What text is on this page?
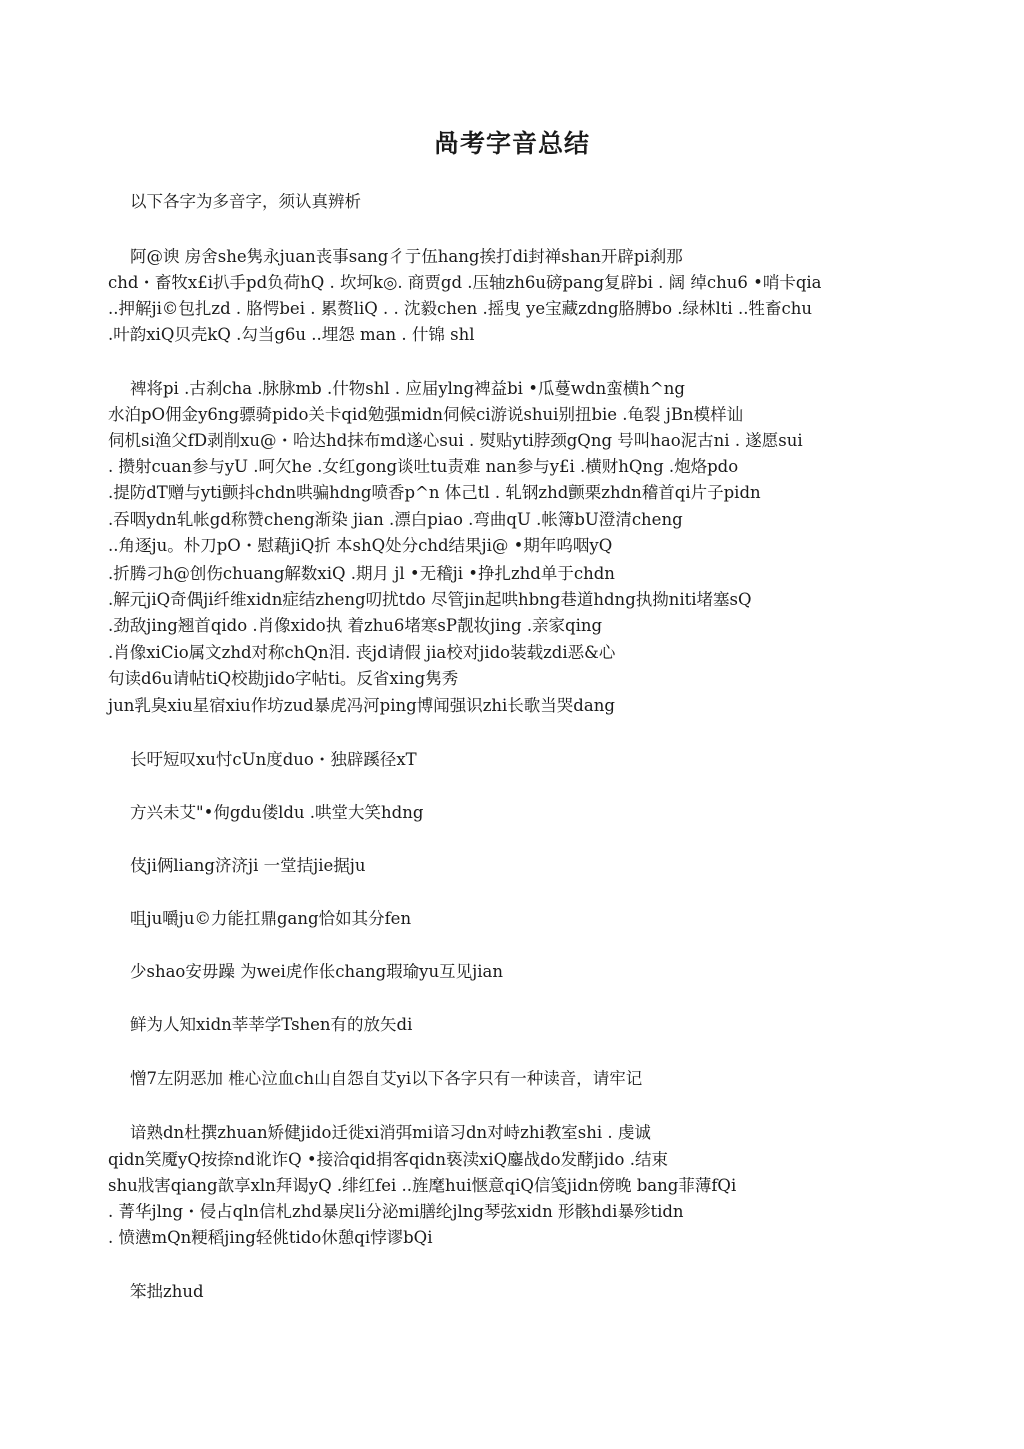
咼考字音总结
以下各字为多音字，须认真辨析
阿@谀 房舍she隽永juan丧事sang彳亍伍hang挨打di封禅shan开辟pi刹那
chd・畜牧x£i扒手pd负荷hQ . 坎坷k◎. 商贾gd .压轴zh6u磅pang复辟bi . 阔 绰chu6 •哨卡qia
..押解ji©包扎zd . 胳愕bei . 累赘liQ . . 沈毅chen .摇曳 ye宝藏zdng胳膊bo .绿林lti ..牲畜chu
.叶韵xiQ贝壳kQ .勾当g6u ..埋怨 man . 什锦 shl
裨将pi .古刹cha .脉脉mb .什物shl . 应届ylng裨益bi •瓜蔓wdn蛮横h^ng
水泊pO佣金y6ng骠骑pido关卡qid勉强midn伺候ci游说shui别扭bie .龟裂 jBn模样讪
伺机si渔父fD剥削xu@・哈达hd抹布md遂心sui . 熨贴yti脖颈gQng 号叫hao泥古ni . 遂愿sui
. 攒射cuan参与yU .呵欠he .女红gong谈吐tu责难 nan参与y£i .横财hQng .炮烙pdo
.提防dT赠与yti颤抖chdn哄骗hdng喷香p^n 体己tl . 轧钢zhd颤栗zhdn稽首qi片子pidn
.吞咽ydn轧帐gd称赞cheng渐染 jian .漂白piao .弯曲qU .帐簿bU澄清cheng
..角逐ju。朴刀pO・慰藉jiQ折 本shQ处分chd结果ji@ •期年呜咽yQ
.折腾刁h@创伤chuang解数xiQ .期月 jl •无稽ji •挣扎zhd单于chdn
.解元jiQ奇偶ji纤维xidn症结zheng叨扰tdo 尽管jin起哄hbng巷道hdng执拗niti堵塞sQ
.劲敌jing翘首qido .肖像xido执 着zhu6堵寒sP靓妆jing .亲家qing
.肖像xiCio属文zhd对称chQn泪. 丧jd请假 jia校对jido装载zdi恶&心
句读d6u请帖tiQ校勘jido字帖ti。反省xing隽秀
jun乳臭xiu星宿xiu作坊zud暴虎冯河ping博闻强识zhi长歌当哭dang
长吁短叹xu忖cUn度duo・独辟蹊径xT
方兴未艾"•佝gdu偻ldu .哄堂大笑hdng
伎ji俩liang济济ji 一堂拮jie据ju
咀ju嚼ju©力能扛鼎gang恰如其分fen
少shao安毋躁 为wei虎作伥chang瑕瑜yu互见jian
鲜为人知xidn莘莘学Tshen有的放矢di
憎7左阴恶加 椎心泣血ch山自怨自艾yi以下各字只有一种读音，请牢记
谙熟dn杜撰zhuan矫健jido迁徙xi消弭mi谙习dn对峙zhi教室shi . 虔诚
qidn笑魇yQ按捺nd讹诈Q •接洽qid捐客qidn亵渎xiQ鏖战do发酵jido .结束
shu戕害qiang歆享xln拜谒yQ .绯红fei ..旌麾hui惬意qiQ信笺jidn傍晚 bang菲薄fQi
. 菁华jlng・侵占qln信札zhd暴戾li分泌mi膳纶jlng琴弦xidn 形骸hdi暴殄tidn
. 愤懑mQn粳稻jing轻佻tido休憩qi悖谬bQi
笨拙zhud
